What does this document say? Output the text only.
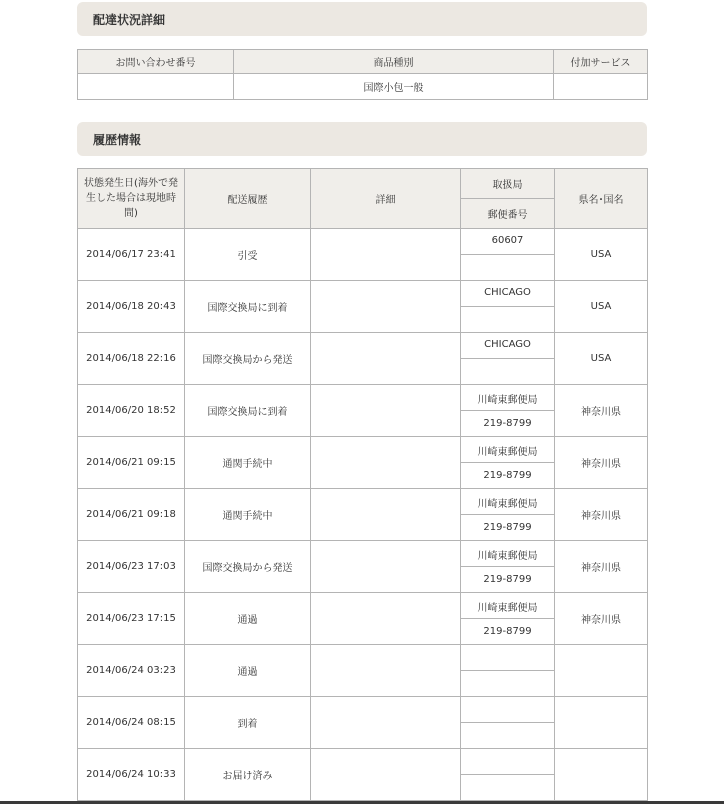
配達状況詳細
お問い合わせ番号	商品種別	付加サービス
	国際小包一般	
履歴情報
状態発生日(海外で発生した場合は現地時間)	配送履歴	詳細	取扱局	県名･国名
			郵便番号	
2014/06/17 23:41	引受		60607	USA

2014/06/18 20:43	国際交換局に到着		CHICAGO	USA

2014/06/18 22:16	国際交換局から発送		CHICAGO	USA

2014/06/20 18:52	国際交換局に到着		川崎東郵便局	神奈川県
			219-8799	
2014/06/21 09:15	通関手続中		川崎東郵便局	神奈川県
			219-8799	
2014/06/21 09:18	通関手続中		川崎東郵便局	神奈川県
			219-8799	
2014/06/23 17:03	国際交換局から発送		川崎東郵便局	神奈川県
			219-8799	
2014/06/23 17:15	通過		川崎東郵便局	神奈川県
			219-8799	
2014/06/24 03:23	通過			

2014/06/24 08:15	到着			

2014/06/24 10:33	お届け済み			
